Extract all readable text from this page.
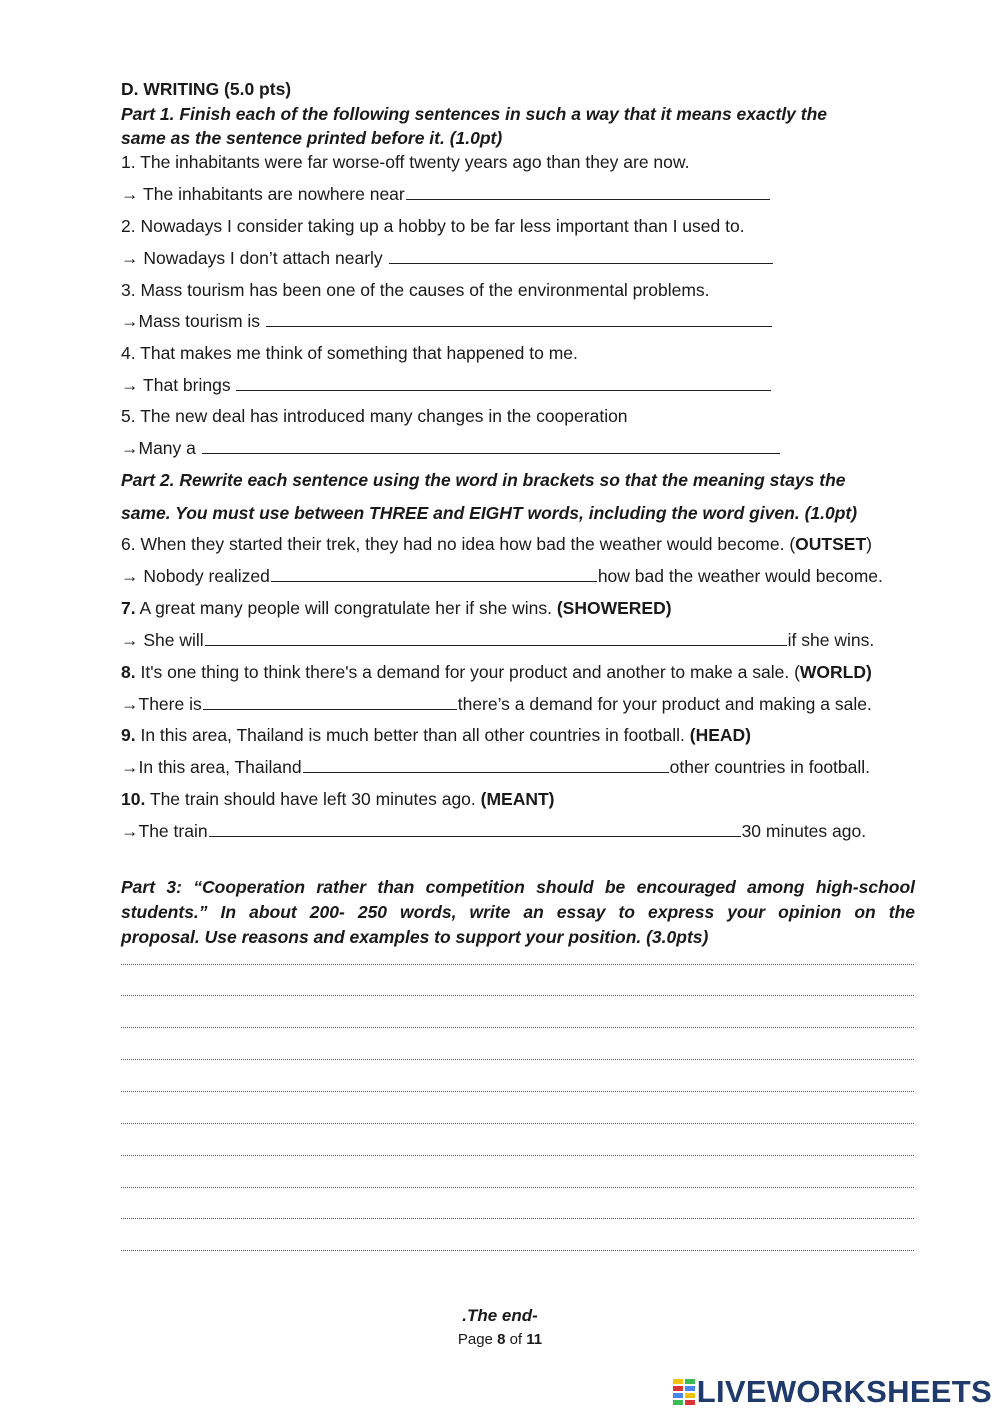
D. WRITING (5.0 pts)
Part 1. Finish each of the following sentences in such a way that it means exactly the
same as the sentence printed before it. (1.0pt)
1. The inhabitants were far worse-off twenty years ago than they are now.
→ The inhabitants are nowhere near
2. Nowadays I consider taking up a hobby to be far less important than I used to.
→ Nowadays I don’t attach nearly
3. Mass tourism has been one of the causes of the environmental problems.
→Mass tourism is
4. That makes me think of something that happened to me.
→ That brings
5. The new deal has introduced many changes in the cooperation
→Many a
Part 2. Rewrite each sentence using the word in brackets so that the meaning stays the
same. You must use between THREE and EIGHT words, including the word given. (1.0pt)
6. When they started their trek, they had no idea how bad the weather would become. (OUTSET)
→ Nobody realized	how bad the weather would become.
7. A great many people will congratulate her if she wins. (SHOWERED)
→ She will	if she wins.
8. It's one thing to think there's a demand for your product and another to make a sale. (WORLD)
→There is	there’s a demand for your product and making a sale.
9. In this area, Thailand is much better than all other countries in football. (HEAD)
→In this area, Thailand	other countries in football.
10. The train should have left 30 minutes ago. (MEANT)
→The train	30 minutes ago.
Part 3: “Cooperation rather than competition should be encouraged among high-school
students.” In about 200- 250 words, write an essay to express your opinion on the
proposal. Use reasons and examples to support your position. (3.0pts)
.The end-
Page 8 of 11
LIVEWORKSHEETS
